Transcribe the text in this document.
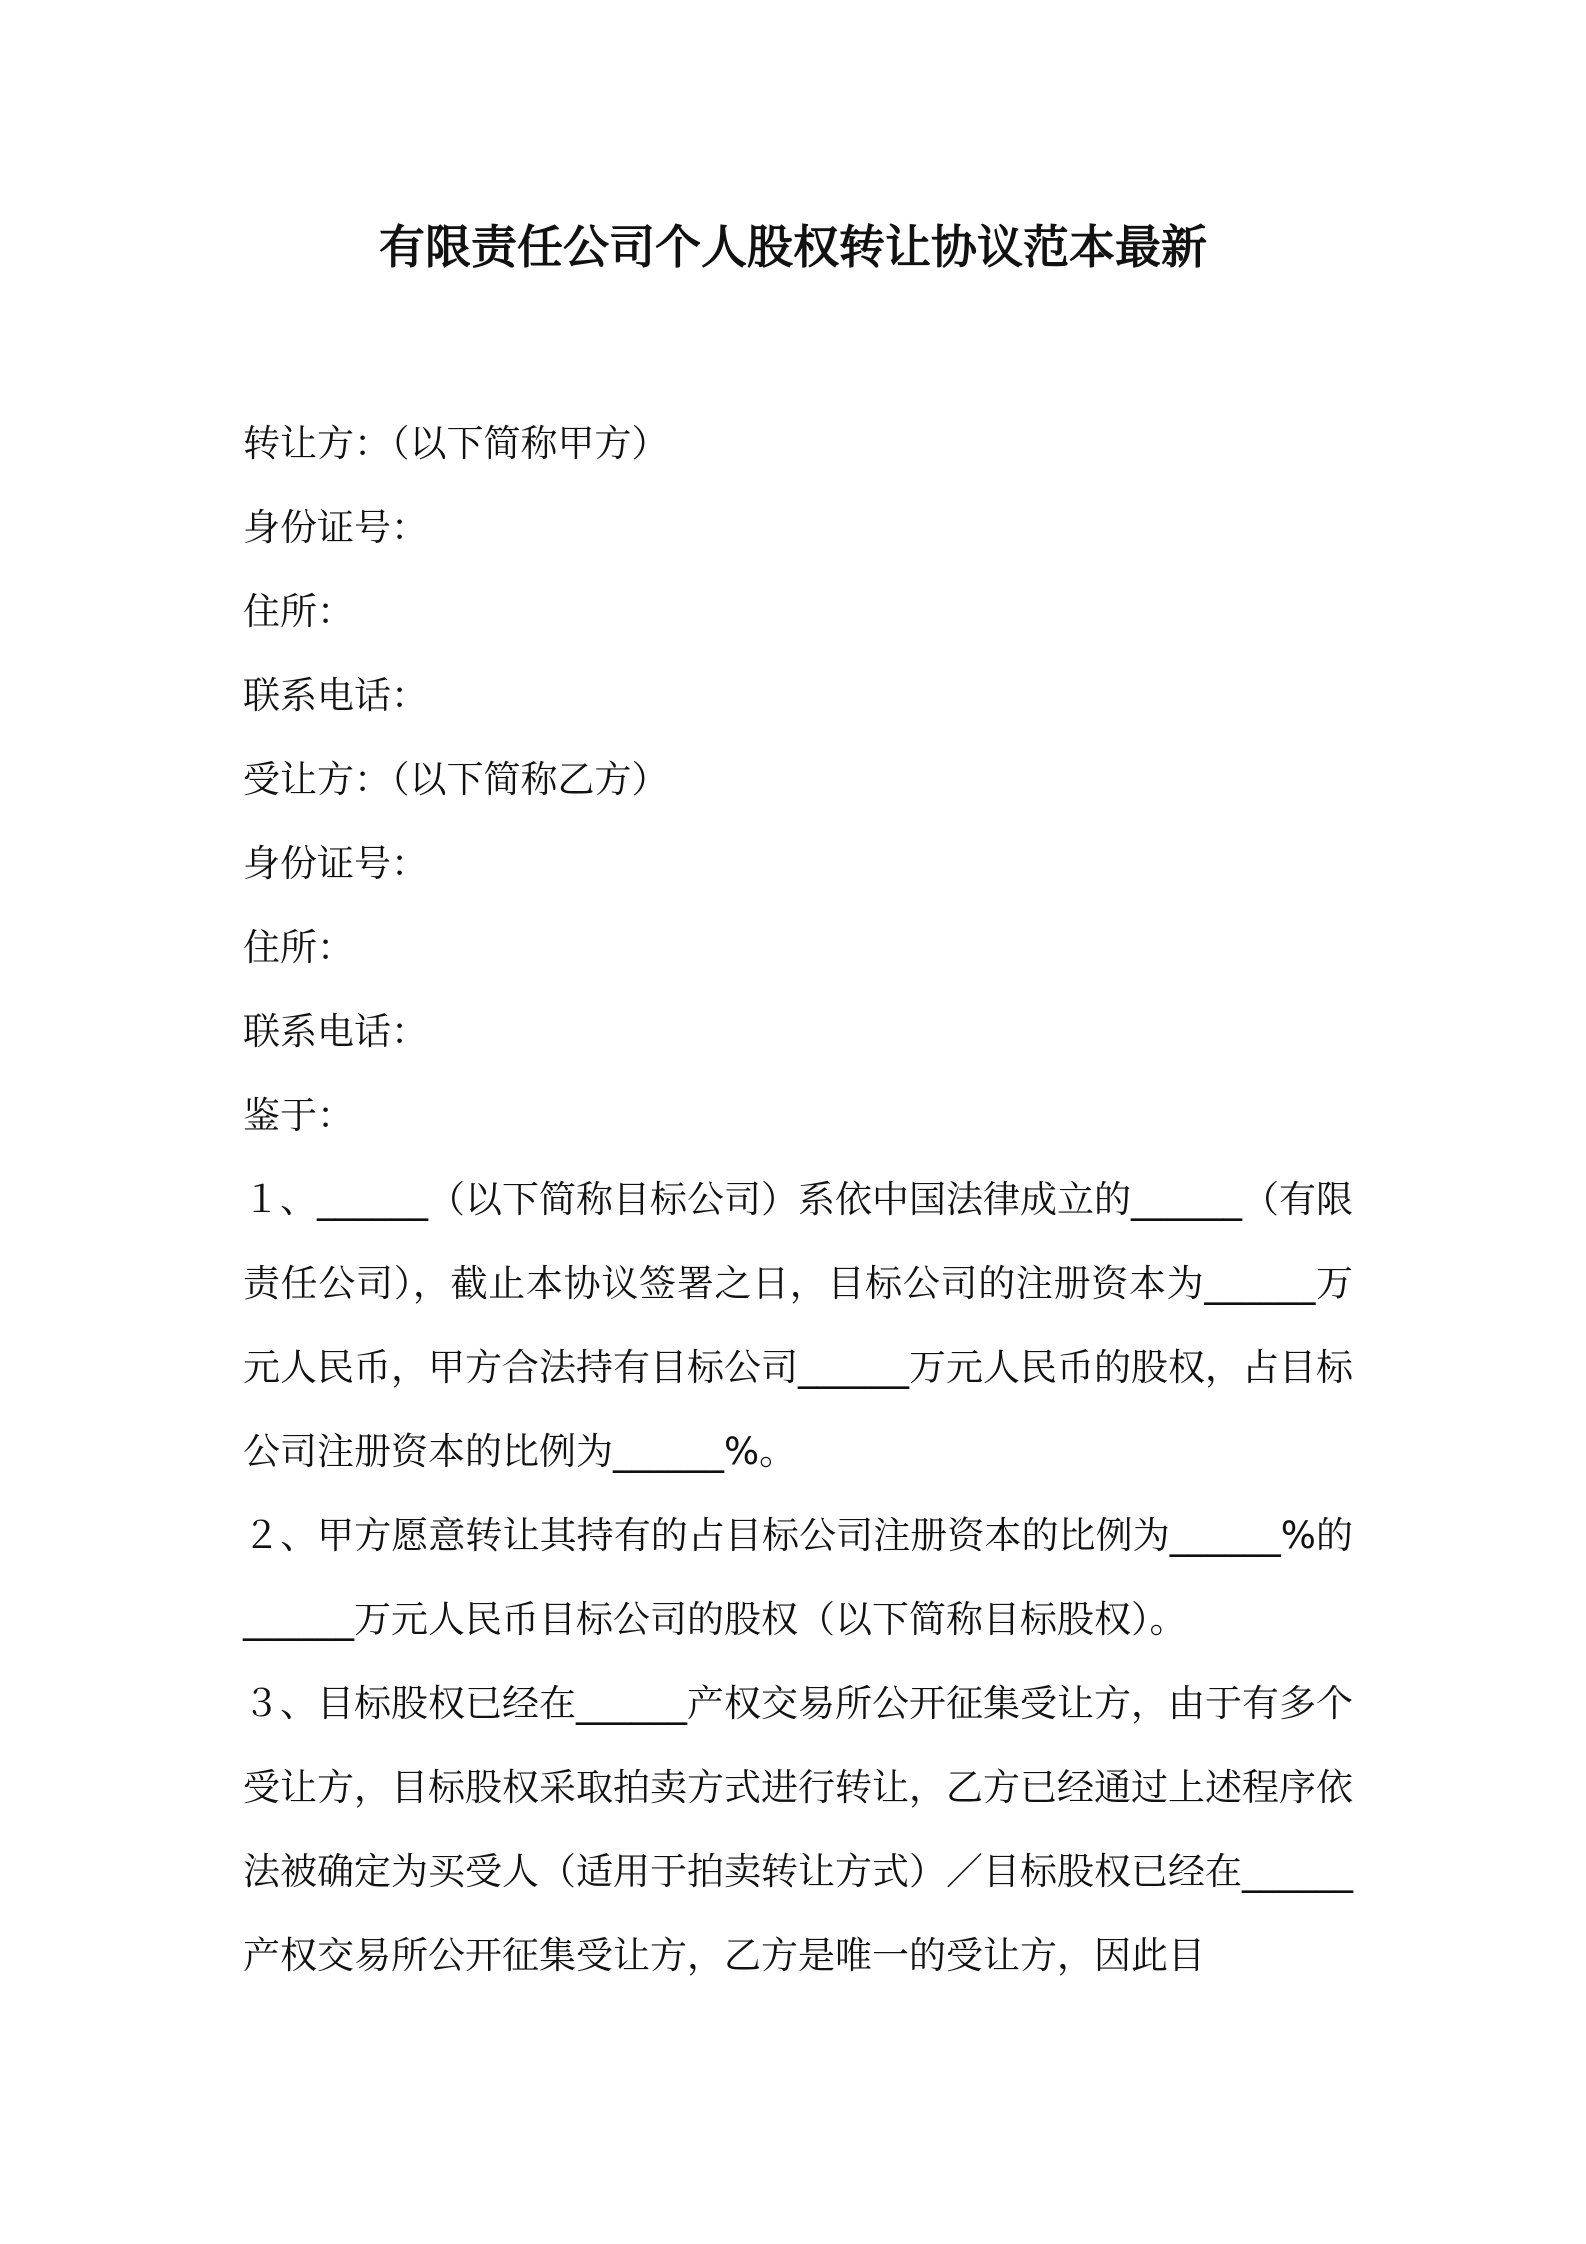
有限责任公司个人股权转让协议范本最新

转让方：（以下简称甲方）

身份证号：

住所：

联系电话：

受让方：（以下简称乙方）

身份证号：

住所：

联系电话：

鉴于：

１、______（以下简称目标公司）系依中国法律成立的______（有限责任公司），截止本协议签署之日，目标公司的注册资本为______万元人民币，甲方合法持有目标公司______万元人民币的股权，占目标公司注册资本的比例为______%。

２、甲方愿意转让其持有的占目标公司注册资本的比例为______%的______万元人民币目标公司的股权（以下简称目标股权）。

３、目标股权已经在______产权交易所公开征集受让方，由于有多个受让方，目标股权采取拍卖方式进行转让，乙方已经通过上述程序依法被确定为买受人（适用于拍卖转让方式）／目标股权已经在______产权交易所公开征集受让方，乙方是唯一的受让方，因此目
